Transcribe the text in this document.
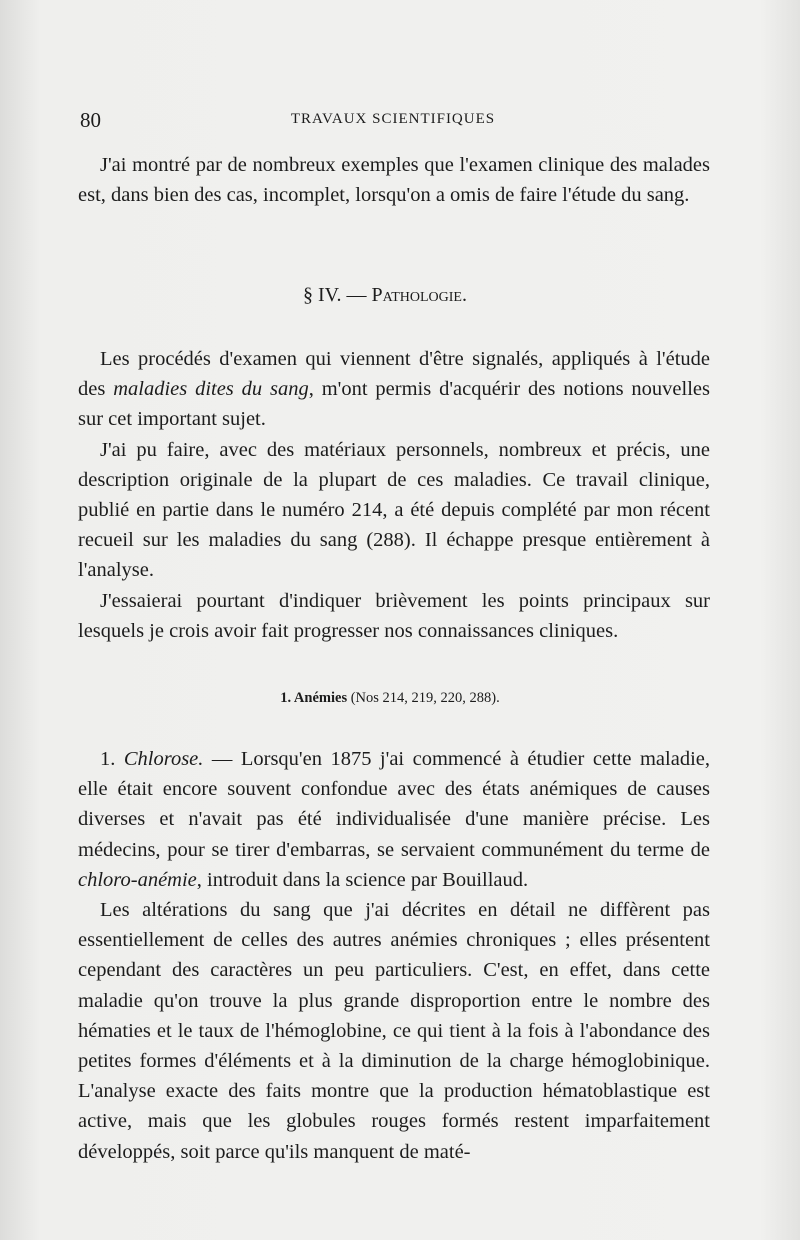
80	TRAVAUX SCIENTIFIQUES

J'ai montré par de nombreux exemples que l'examen clinique des malades est, dans bien des cas, incomplet, lorsqu'on a omis de faire l'étude du sang.

§ IV. — Pathologie.

Les procédés d'examen qui viennent d'être signalés, appliqués à l'étude des maladies dites du sang, m'ont permis d'acquérir des notions nouvelles sur cet important sujet.

J'ai pu faire, avec des matériaux personnels, nombreux et précis, une description originale de la plupart de ces maladies. Ce travail clinique, publié en partie dans le numéro 214, a été depuis complété par mon récent recueil sur les maladies du sang (288). Il échappe presque entièrement à l'analyse.

J'essaierai pourtant d'indiquer brièvement les points principaux sur lesquels je crois avoir fait progresser nos connaissances cliniques.

1. Anémies (Nos 214, 219, 220, 288).

1. Chlorose. — Lorsqu'en 1875 j'ai commencé à étudier cette maladie, elle était encore souvent confondue avec des états anémiques de causes diverses et n'avait pas été individualisée d'une manière précise. Les médecins, pour se tirer d'embarras, se servaient communément du terme de chloro-anémie, introduit dans la science par Bouillaud.

Les altérations du sang que j'ai décrites en détail ne diffèrent pas essentiellement de celles des autres anémies chroniques ; elles présentent cependant des caractères un peu particuliers. C'est, en effet, dans cette maladie qu'on trouve la plus grande disproportion entre le nombre des hématies et le taux de l'hémoglobine, ce qui tient à la fois à l'abondance des petites formes d'éléments et à la diminution de la charge hémoglobinique. L'analyse exacte des faits montre que la production hématoblastique est active, mais que les globules rouges formés restent imparfaitement développés, soit parce qu'ils manquent de maté-
